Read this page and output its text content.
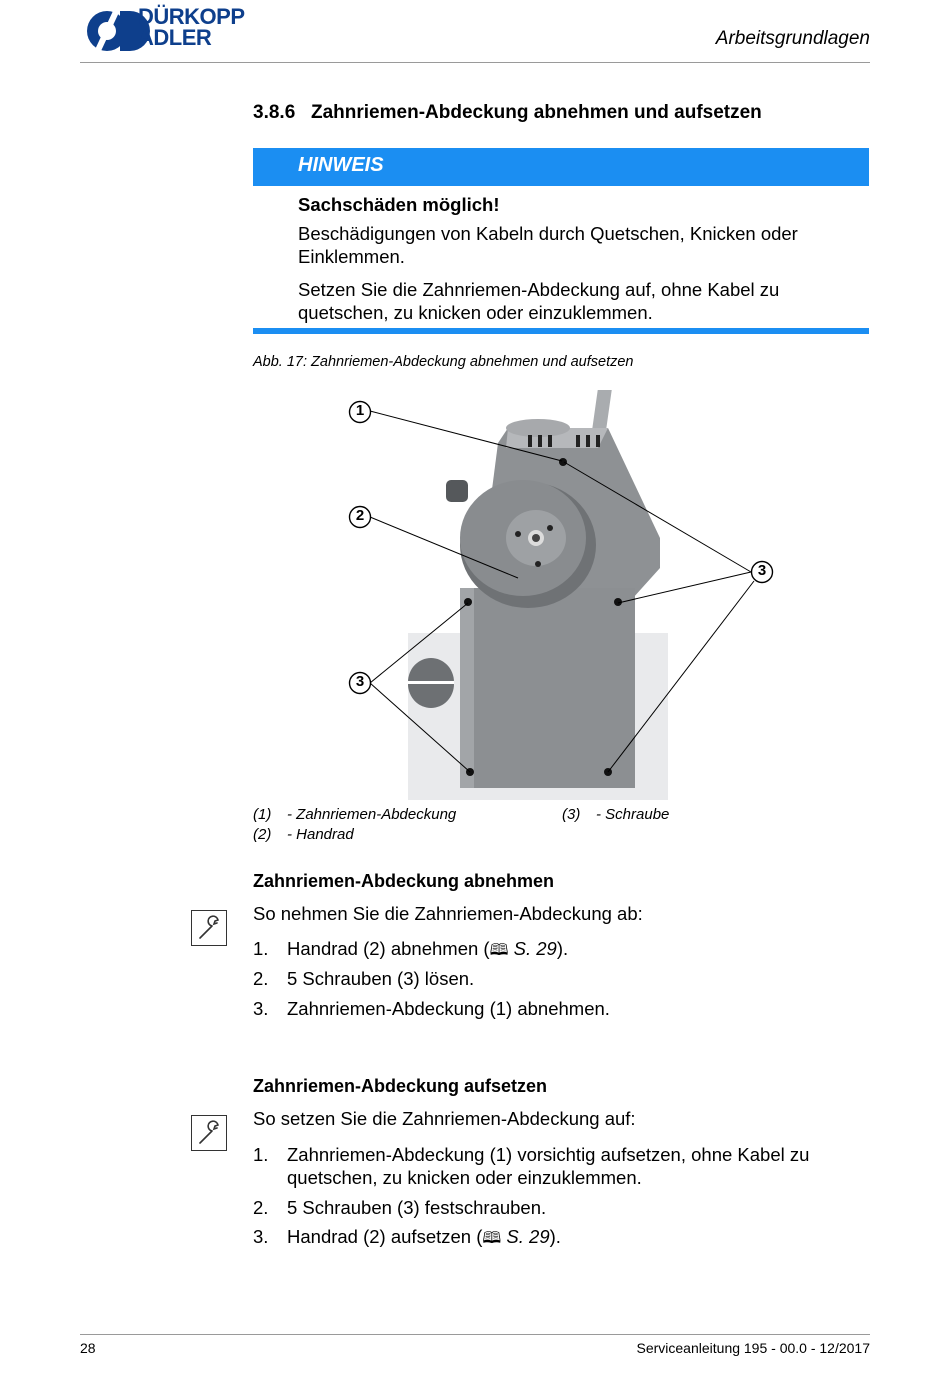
DÜRKOPP
ADLER	Arbeitsgrundlagen
3.8.6 Zahnriemen-Abdeckung abnehmen und aufsetzen
HINWEIS
Sachschäden möglich!
Beschädigungen von Kabeln durch Quetschen, Knicken oder Einklemmen.
Setzen Sie die Zahnriemen-Abdeckung auf, ohne Kabel zu quetschen, zu knicken oder einzuklemmen.
Abb. 17: Zahnriemen-Abdeckung abnehmen und aufsetzen
1
2
3
3
(1) - Zahnriemen-Abdeckung
(2) - Handrad
(3) - Schraube
Zahnriemen-Abdeckung abnehmen
So nehmen Sie die Zahnriemen-Abdeckung ab:
1. Handrad (2) abnehmen (🕮 S. 29).
2. 5 Schrauben (3) lösen.
3. Zahnriemen-Abdeckung (1) abnehmen.
Zahnriemen-Abdeckung aufsetzen
So setzen Sie die Zahnriemen-Abdeckung auf:
1. Zahnriemen-Abdeckung (1) vorsichtig aufsetzen, ohne Kabel zu quetschen, zu knicken oder einzuklemmen.
2. 5 Schrauben (3) festschrauben.
3. Handrad (2) aufsetzen (🕮 S. 29).
28	Serviceanleitung 195 - 00.0 - 12/2017
